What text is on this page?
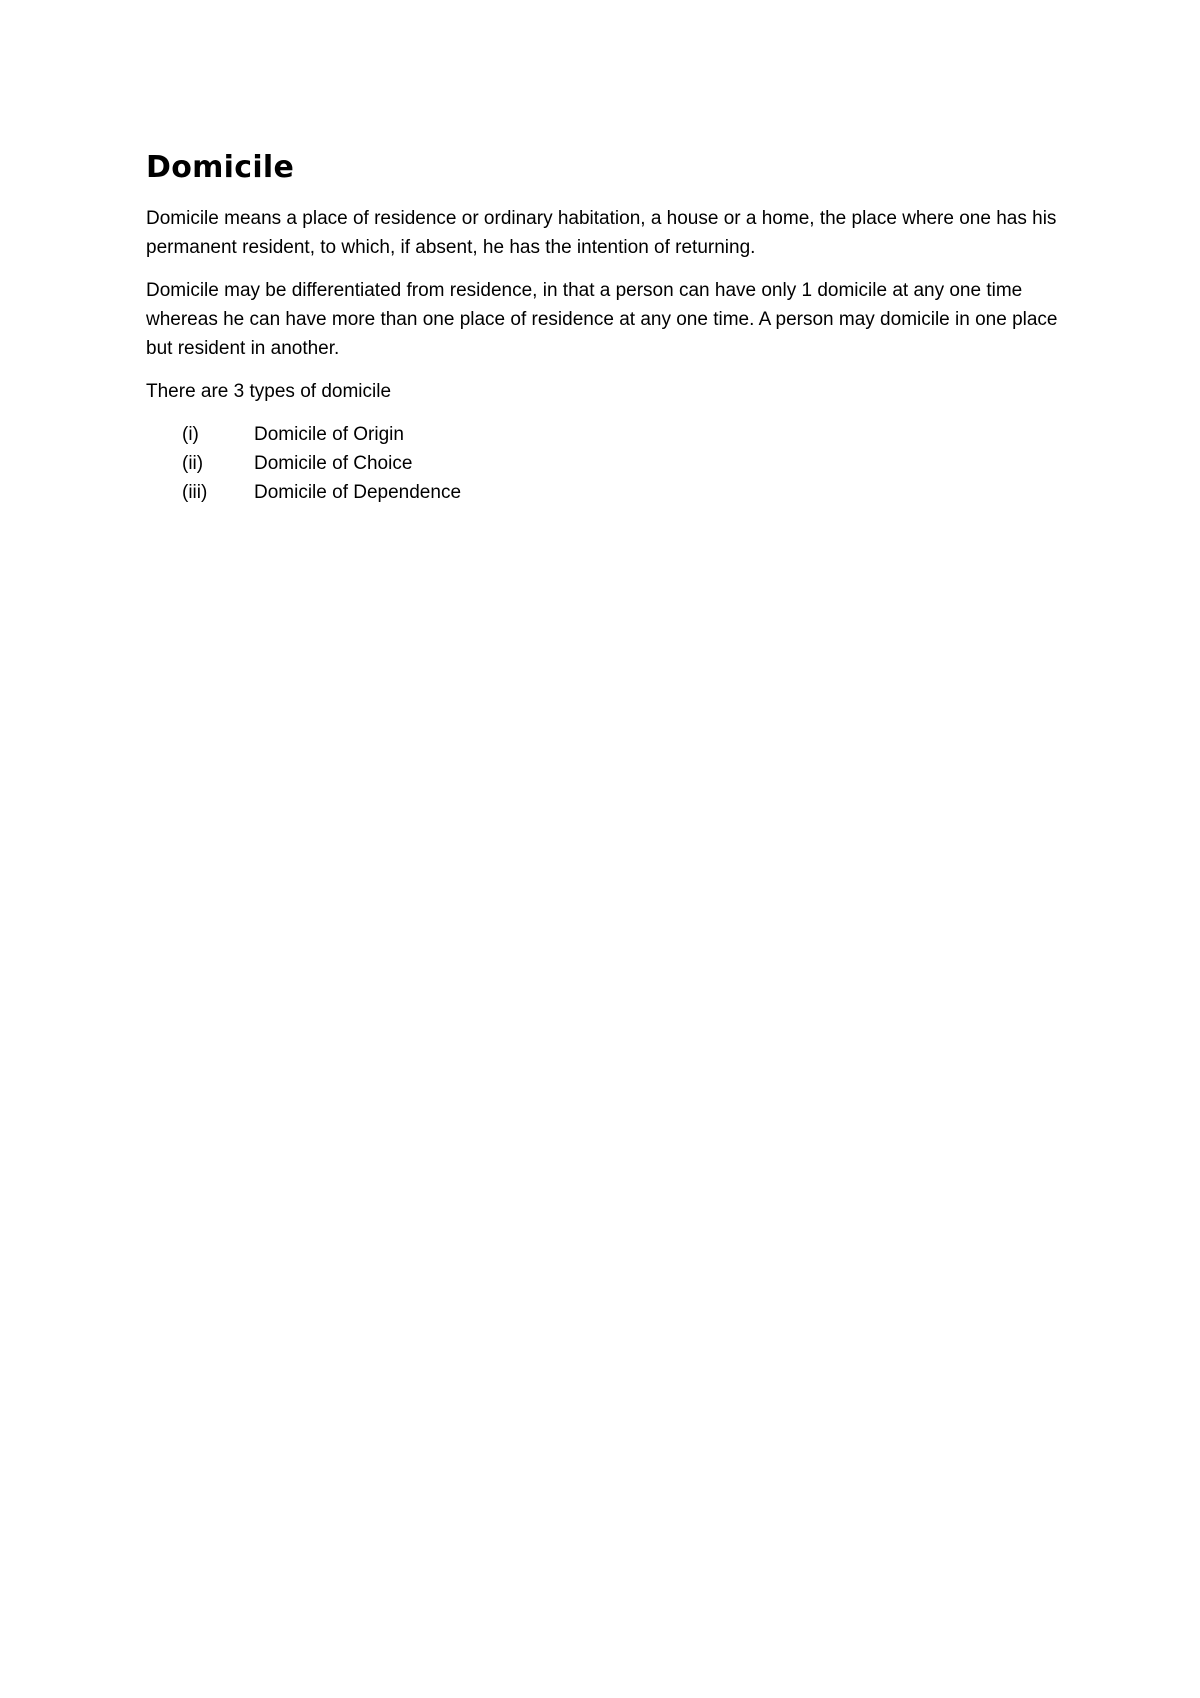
Domicile

Domicile means a place of residence or ordinary habitation, a house or a home, the place where one has his permanent resident, to which, if absent, he has the intention of returning.

Domicile may be differentiated from residence, in that a person can have only 1 domicile at any one time whereas he can have more than one place of residence at any one time. A person may domicile in one place but resident in another.

There are 3 types of domicile

(i)	Domicile of Origin
(ii)	Domicile of Choice
(iii)	Domicile of Dependence
